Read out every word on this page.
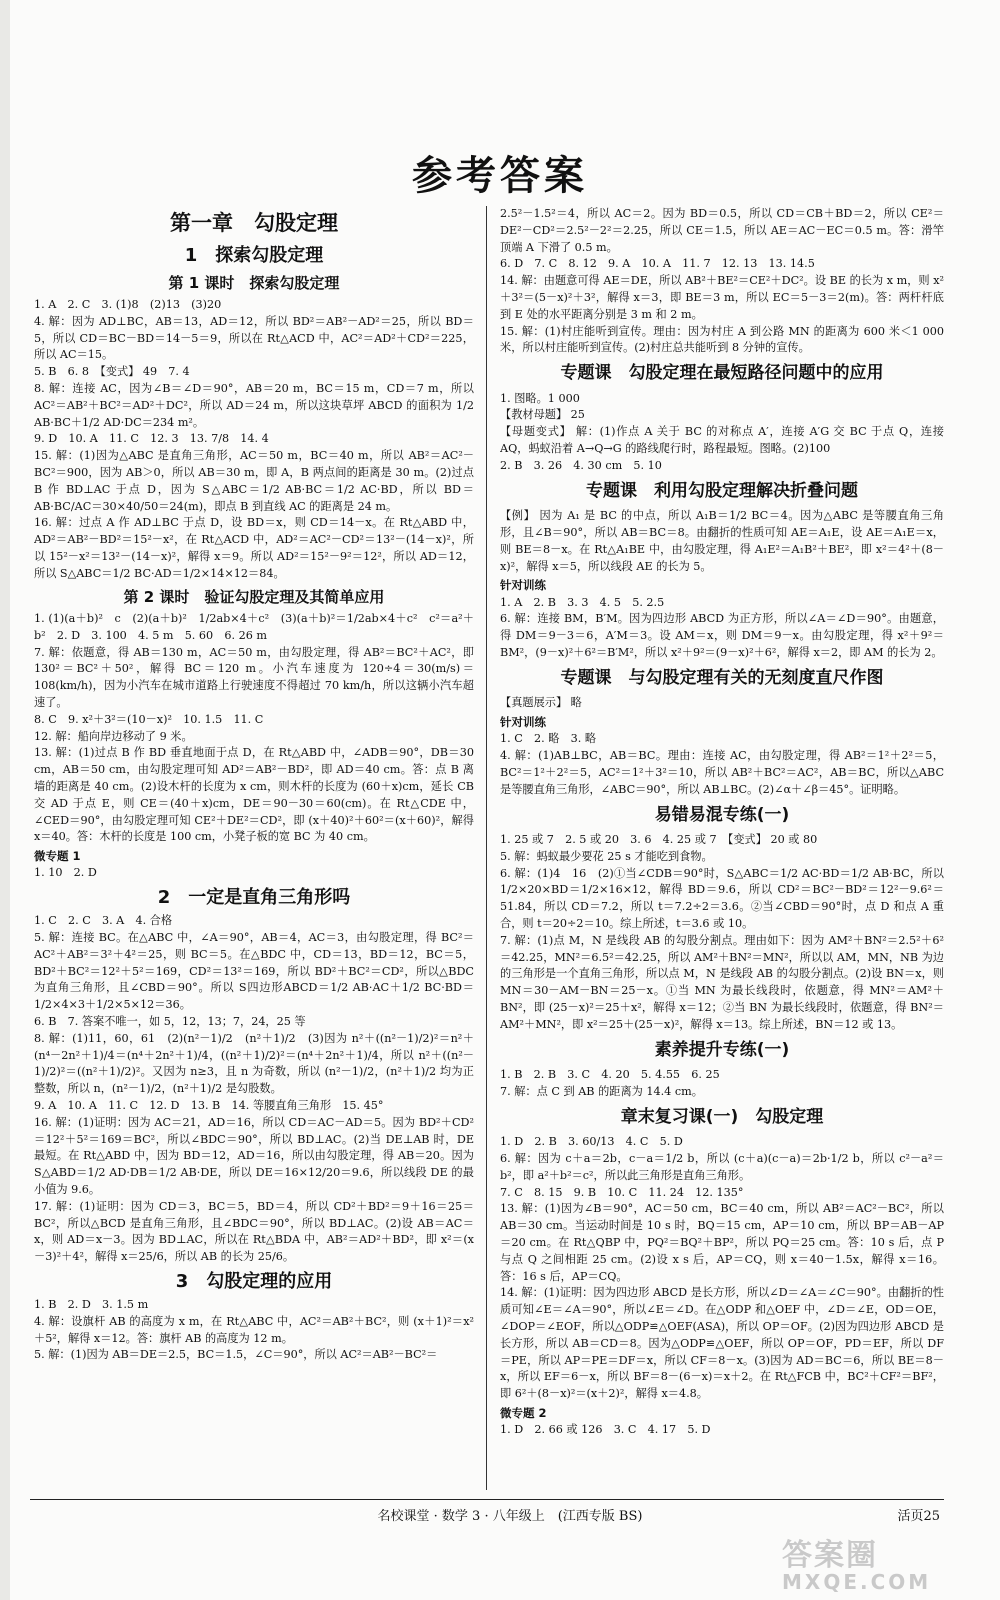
参考答案
第一章　勾股定理
1　探索勾股定理
第 1 课时　探索勾股定理

1. A　2. C　3. (1)8　(2)13　(3)20

4. 解：因为 AD⊥BC，AB＝13，AD＝12，所以 BD²＝AB²－AD²＝25，所以 BD＝5，所以 CD＝BC－BD＝14－5＝9，所以在 Rt△ACD 中，AC²＝AD²＋CD²＝225，所以 AC＝15。

5. B　6. 8　【变式】 49　7. 4

8. 解：连接 AC，因为∠B＝∠D＝90°，AB＝20 m，BC＝15 m，CD＝7 m，所以 AC²＝AB²＋BC²＝AD²＋DC²，所以 AD＝24 m，所以这块草坪 ABCD 的面积为 1/2 AB·BC＋1/2 AD·DC＝234 m²。

9. D　10. A　11. C　12. 3　13. 7/8　14. 4

15. 解：(1)因为△ABC 是直角三角形，AC＝50 m，BC＝40 m，所以 AB²＝AC²－BC²＝900，因为 AB＞0，所以 AB＝30 m，即 A，B 两点间的距离是 30 m。(2)过点 B 作 BD⊥AC 于点 D，因为 S△ABC＝1/2 AB·BC＝1/2 AC·BD，所以 BD＝AB·BC/AC＝30×40/50＝24(m)，即点 B 到直线 AC 的距离是 24 m。

16. 解：过点 A 作 AD⊥BC 于点 D，设 BD＝x，则 CD＝14－x。在 Rt△ABD 中，AD²＝AB²－BD²＝15²－x²，在 Rt△ACD 中，AD²＝AC²－CD²＝13²－(14－x)²，所以 15²－x²＝13²－(14－x)²，解得 x＝9。所以 AD²＝15²－9²＝12²，所以 AD＝12，所以 S△ABC＝1/2 BC·AD＝1/2×14×12＝84。

第 2 课时　验证勾股定理及其简单应用

1. (1)(a＋b)²　c　(2)(a＋b)²　1/2ab×4＋c²　(3)(a＋b)²＝1/2ab×4＋c²　c²＝a²＋b²　2. D　3. 100　4. 5 m　5. 60　6. 26 m

7. 解：依题意，得 AB＝130 m，AC＝50 m，由勾股定理，得 AB²＝BC²＋AC²，即 130²＝BC²＋50²，解得 BC＝120 m。小汽车速度为 120÷4＝30(m/s)＝108(km/h)，因为小汽车在城市道路上行驶速度不得超过 70 km/h，所以这辆小汽车超速了。

8. C　9. x²＋3²＝(10－x)²　10. 1.5　11. C

12. 解：船向岸边移动了 9 米。

13. 解：(1)过点 B 作 BD 垂直地面于点 D，在 Rt△ABD 中，∠ADB＝90°，DB＝30 cm，AB＝50 cm，由勾股定理可知 AD²＝AB²－BD²，即 AD＝40 cm。答：点 B 离墙的距离是 40 cm。(2)设木杆的长度为 x cm，则木杆的长度为 (60＋x)cm，延长 CB 交 AD 于点 E，则 CE＝(40＋x)cm，DE＝90－30＝60(cm)。在 Rt△CDE 中，∠CED＝90°，由勾股定理可知 CE²＋DE²＝CD²，即 (x＋40)²＋60²＝(x＋60)²，解得 x＝40。答：木杆的长度是 100 cm，小凳子板的宽 BC 为 40 cm。

微专题 1

1. 10　2. D

2　一定是直角三角形吗

1. C　2. C　3. A　4. 合格

5. 解：连接 BC。在△ABC 中，∠A＝90°，AB＝4，AC＝3，由勾股定理，得 BC²＝AC²＋AB²＝3²＋4²＝25，则 BC＝5。在△BDC 中，CD＝13，BD＝12，BC＝5，BD²＋BC²＝12²＋5²＝169，CD²＝13²＝169，所以 BD²＋BC²＝CD²，所以△BDC 为直角三角形，且∠CBD＝90°。所以 S四边形ABCD＝1/2 AB·AC＋1/2 BC·BD＝1/2×4×3＋1/2×5×12＝36。

6. B　7. 答案不唯一，如 5，12，13；7，24，25 等

8. 解：(1)11，60，61　(2)(n²－1)/2　(n²＋1)/2　(3)因为 n²＋((n²－1)/2)²＝n²＋(n⁴－2n²＋1)/4＝(n⁴＋2n²＋1)/4，((n²＋1)/2)²＝(n⁴＋2n²＋1)/4，所以 n²＋((n²－1)/2)²＝((n²＋1)/2)²。又因为 n≥3，且 n 为奇数，所以 (n²－1)/2，(n²＋1)/2 均为正整数，所以 n，(n²－1)/2，(n²＋1)/2 是勾股数。

9. A　10. A　11. C　12. D　13. B　14. 等腰直角三角形　15. 45°

16. 解：(1)证明：因为 AC＝21，AD＝16，所以 CD＝AC－AD＝5。因为 BD²＋CD²＝12²＋5²＝169＝BC²，所以∠BDC＝90°，所以 BD⊥AC。(2)当 DE⊥AB 时，DE 最短。在 Rt△ABD 中，因为 BD＝12，AD＝16，所以由勾股定理，得 AB＝20。因为 S△ABD＝1/2 AD·DB＝1/2 AB·DE，所以 DE＝16×12/20＝9.6，所以线段 DE 的最小值为 9.6。

17. 解：(1)证明：因为 CD＝3，BC＝5，BD＝4，所以 CD²＋BD²＝9＋16＝25＝BC²，所以△BCD 是直角三角形，且∠BDC＝90°，所以 BD⊥AC。(2)设 AB＝AC＝x，则 AD＝x－3。因为 BD⊥AC，所以在 Rt△BDA 中，AB²＝AD²＋BD²，即 x²＝(x－3)²＋4²，解得 x＝25/6，所以 AB 的长为 25/6。

3　勾股定理的应用

1. B　2. D　3. 1.5 m

4. 解：设旗杆 AB 的高度为 x m，在 Rt△ABC 中，AC²＝AB²＋BC²，则 (x＋1)²＝x²＋5²，解得 x＝12。答：旗杆 AB 的高度为 12 m。

5. 解：(1)因为 AB＝DE＝2.5，BC＝1.5，∠C＝90°，所以 AC²＝AB²－BC²＝

2.5²－1.5²＝4，所以 AC＝2。因为 BD＝0.5，所以 CD＝CB＋BD＝2，所以 CE²＝DE²－CD²＝2.5²－2²＝2.25，所以 CE＝1.5，所以 AE＝AC－EC＝0.5 m。答：滑竿顶端 A 下滑了 0.5 m。

6. D　7. C　8. 12　9. A　10. A　11. 7　12. 13　13. 14.5

14. 解：由题意可得 AE＝DE，所以 AB²＋BE²＝CE²＋DC²。设 BE 的长为 x m，则 x²＋3²＝(5－x)²＋3²，解得 x＝3，即 BE＝3 m，所以 EC＝5－3＝2(m)。答：两杆杆底到 E 处的水平距离分别是 3 m 和 2 m。

15. 解：(1)村庄能听到宣传。理由：因为村庄 A 到公路 MN 的距离为 600 米＜1 000 米，所以村庄能听到宣传。(2)村庄总共能听到 8 分钟的宣传。

专题课　勾股定理在最短路径问题中的应用

1. 图略。1 000

【教材母题】 25

【母题变式】 解：(1)作点 A 关于 BC 的对称点 A′，连接 A′G 交 BC 于点 Q，连接 AQ，蚂蚁沿着 A→Q→G 的路线爬行时，路程最短。图略。(2)100

2. B　3. 26　4. 30 cm　5. 10

专题课　利用勾股定理解决折叠问题

【例】 因为 A₁ 是 BC 的中点，所以 A₁B＝1/2 BC＝4。因为△ABC 是等腰直角三角形，且∠B＝90°，所以 AB＝BC＝8。由翻折的性质可知 AE＝A₁E，设 AE＝A₁E＝x，则 BE＝8－x。在 Rt△A₁BE 中，由勾股定理，得 A₁E²＝A₁B²＋BE²，即 x²＝4²＋(8－x)²，解得 x＝5，所以线段 AE 的长为 5。

针对训练

1. A　2. B　3. 3　4. 5　5. 2.5

6. 解：连接 BM，B′M。因为四边形 ABCD 为正方形，所以∠A＝∠D＝90°。由题意，得 DM＝9－3＝6，A′M＝3。设 AM＝x，则 DM＝9－x。由勾股定理，得 x²＋9²＝BM²，(9－x)²＋6²＝B′M²，所以 x²＋9²＝(9－x)²＋6²，解得 x＝2，即 AM 的长为 2。

专题课　与勾股定理有关的无刻度直尺作图

【真题展示】 略

针对训练

1. C　2. 略　3. 略

4. 解：(1)AB⊥BC，AB＝BC。理由：连接 AC，由勾股定理，得 AB²＝1²＋2²＝5，BC²＝1²＋2²＝5，AC²＝1²＋3²＝10，所以 AB²＋BC²＝AC²，AB＝BC，所以△ABC 是等腰直角三角形，∠ABC＝90°，所以 AB⊥BC。(2)∠α＋∠β＝45°。证明略。

易错易混专练(一)

1. 25 或 7　2. 5 或 20　3. 6　4. 25 或 7　【变式】 20 或 80

5. 解：蚂蚁最少要花 25 s 才能吃到食物。

6. 解：(1)4　16　(2)①当∠CDB＝90°时，S△ABC＝1/2 AC·BD＝1/2 AB·BC，所以 1/2×20×BD＝1/2×16×12，解得 BD＝9.6，所以 CD²＝BC²－BD²＝12²－9.6²＝51.84，所以 CD＝7.2，所以 t＝7.2÷2＝3.6。②当∠CBD＝90°时，点 D 和点 A 重合，则 t＝20÷2＝10。综上所述，t＝3.6 或 10。

7. 解：(1)点 M，N 是线段 AB 的勾股分割点。理由如下：因为 AM²＋BN²＝2.5²＋6²＝42.25，MN²＝6.5²＝42.25，所以 AM²＋BN²＝MN²，所以以 AM，MN，NB 为边的三角形是一个直角三角形，所以点 M，N 是线段 AB 的勾股分割点。(2)设 BN＝x，则 MN＝30－AM－BN＝25－x。①当 MN 为最长线段时，依题意，得 MN²＝AM²＋BN²，即 (25－x)²＝25＋x²，解得 x＝12；②当 BN 为最长线段时，依题意，得 BN²＝AM²＋MN²，即 x²＝25＋(25－x)²，解得 x＝13。综上所述，BN＝12 或 13。

素养提升专练(一)

1. B　2. B　3. C　4. 20　5. 4.55　6. 25

7. 解：点 C 到 AB 的距离为 14.4 cm。

章末复习课(一)　勾股定理

1. D　2. B　3. 60/13　4. C　5. D

6. 解：因为 c＋a＝2b，c－a＝1/2 b，所以 (c＋a)(c－a)＝2b·1/2 b，所以 c²－a²＝b²，即 a²＋b²＝c²，所以此三角形是直角三角形。

7. C　8. 15　9. B　10. C　11. 24　12. 135°

13. 解：(1)因为∠B＝90°，AC＝50 cm，BC＝40 cm，所以 AB²＝AC²－BC²，所以 AB＝30 cm。当运动时间是 10 s 时，BQ＝15 cm，AP＝10 cm，所以 BP＝AB－AP＝20 cm。在 Rt△QBP 中，PQ²＝BQ²＋BP²，所以 PQ＝25 cm。答：10 s 后，点 P 与点 Q 之间相距 25 cm。(2)设 x s 后，AP＝CQ，则 x＝40－1.5x，解得 x＝16。答：16 s 后，AP＝CQ。

14. 解：(1)证明：因为四边形 ABCD 是长方形，所以∠D＝∠A＝∠C＝90°。由翻折的性质可知∠E＝∠A＝90°，所以∠E＝∠D。在△ODP 和△OEF 中，∠D＝∠E，OD＝OE，∠DOP＝∠EOF，所以△ODP≌△OEF(ASA)，所以 OP＝OF。(2)因为四边形 ABCD 是长方形，所以 AB＝CD＝8。因为△ODP≌△OEF，所以 OP＝OF，PD＝EF，所以 DF＝PE，所以 AP＝PE＝DF＝x，所以 CF＝8－x。(3)因为 AD＝BC＝6，所以 BE＝8－x，所以 EF＝6－x，所以 BF＝8－(6－x)＝x＋2。在 Rt△FCB 中，BC²＋CF²＝BF²，即 6²＋(8－x)²＝(x＋2)²，解得 x＝4.8。

微专题 2

1. D　2. 66 或 126　3. C　4. 17　5. D

名校课堂 · 数学 3 · 八年级上　(江西专版 BS)	活页25
答案圈
MXQE.COM
